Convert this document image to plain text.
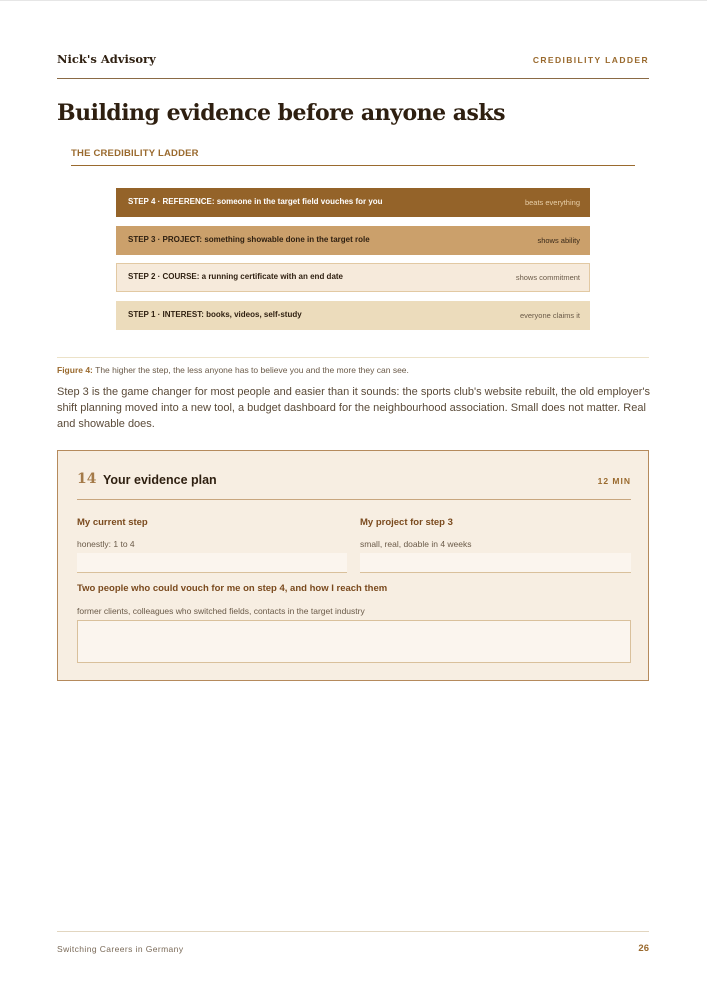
Nick's Advisory	CREDIBILITY LADDER
Building evidence before anyone asks
THE CREDIBILITY LADDER
STEP 4 · REFERENCE: someone in the target field vouches for you	beats everything
STEP 3 · PROJECT: something showable done in the target role	shows ability
STEP 2 · COURSE: a running certificate with an end date	shows commitment
STEP 1 · INTEREST: books, videos, self-study	everyone claims it
Figure 4: The higher the step, the less anyone has to believe you and the more they can see.

Step 3 is the game changer for most people and easier than it sounds: the sports club's website rebuilt, the old employer's shift planning moved into a new tool, a budget dashboard for the neighbourhood association. Small does not matter. Real and showable does.

14 Your evidence plan	12 MIN
My current step
honestly: 1 to 4
My project for step 3
small, real, doable in 4 weeks
Two people who could vouch for me on step 4, and how I reach them
former clients, colleagues who switched fields, contacts in the target industry
Switching Careers in Germany	26
